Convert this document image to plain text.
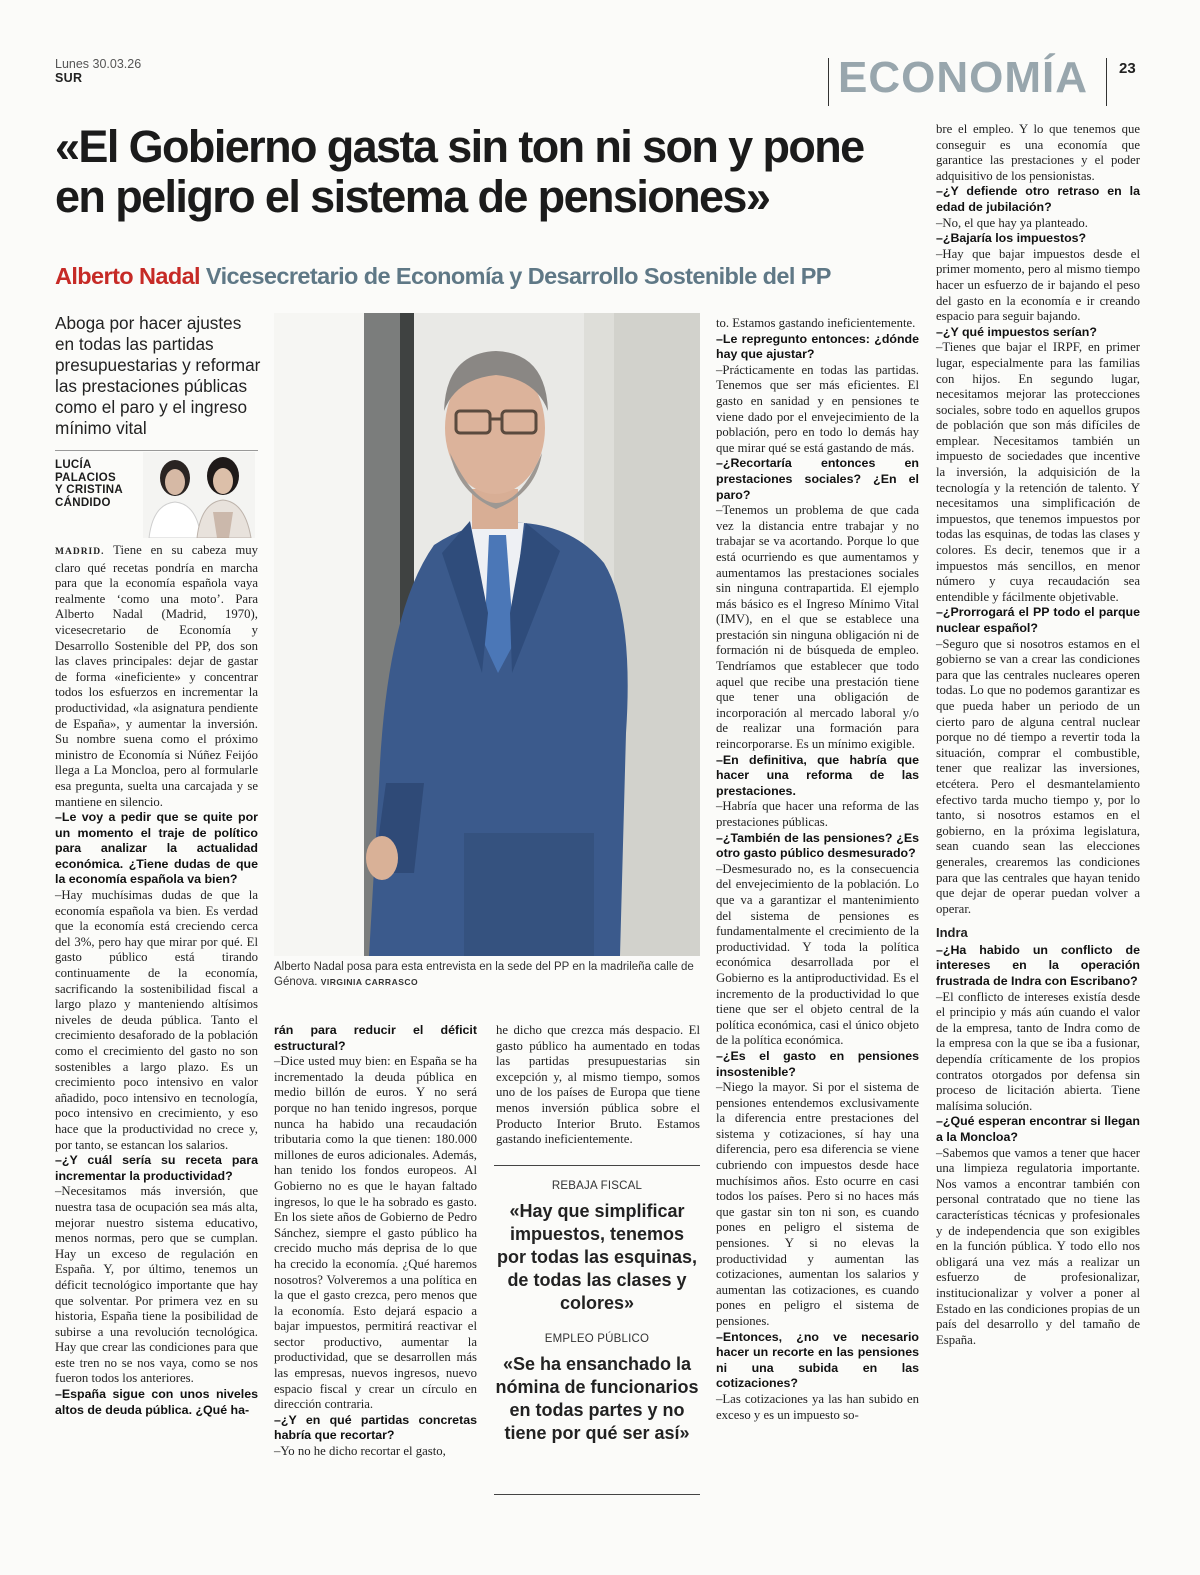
Lunes 30.03.26
SUR	ECONOMÍA 23
«El Gobierno gasta sin ton ni son y pone
en peligro el sistema de pensiones»
Alberto Nadal Vicesecretario de Economía y Desarrollo Sostenible del PP
Aboga por hacer ajustes en todas las partidas presupuestarias y reformar las prestaciones públicas como el paro y el ingreso mínimo vital
LUCÍA
PALACIOS
Y CRISTINA
CÁNDIDO

MADRID. Tiene en su cabeza muy claro qué recetas pondría en marcha para que la economía española vaya realmente ‘como una moto’. Para Alberto Nadal (Madrid, 1970), vicesecretario de Economía y Desarrollo Sostenible del PP, dos son las claves principales: dejar de gastar de forma «ineficiente» y concentrar todos los esfuerzos en incrementar la productividad, «la asignatura pendiente de España», y aumentar la inversión. Su nombre suena como el próximo ministro de Economía si Núñez Feijóo llega a La Moncloa, pero al formularle esa pregunta, suelta una carcajada y se mantiene en silencio.

–Le voy a pedir que se quite por un momento el traje de político para analizar la actualidad económica. ¿Tiene dudas de que la economía española va bien?

–Hay muchísimas dudas de que la economía española va bien. Es verdad que la economía está creciendo cerca del 3%, pero hay que mirar por qué. El gasto público está tirando continuamente de la economía, sacrificando la sostenibilidad fiscal a largo plazo y manteniendo altísimos niveles de deuda pública. Tanto el crecimiento desaforado de la población como el crecimiento del gasto no son sostenibles a largo plazo. Es un crecimiento poco intensivo en valor añadido, poco intensivo en tecnología, poco intensivo en crecimiento, y eso hace que la productividad no crece y, por tanto, se estancan los salarios.

–¿Y cuál sería su receta para incrementar la productividad?

–Necesitamos más inversión, que nuestra tasa de ocupación sea más alta, mejorar nuestro sistema educativo, menos normas, pero que se cumplan. Hay un exceso de regulación en España. Y, por último, tenemos un déficit tecnológico importante que hay que solventar. Por primera vez en su historia, España tiene la posibilidad de subirse a una revolución tecnológica. Hay que crear las condiciones para que este tren no se nos vaya, como se nos fueron todos los anteriores.

–España sigue con unos niveles altos de deuda pública. ¿Qué ha-

Alberto Nadal posa para esta entrevista en la sede del PP en la madrileña calle de Génova. VIRGINIA CARRASCO

rán para reducir el déficit estructural?

–Dice usted muy bien: en España se ha incrementado la deuda pública en medio billón de euros. Y no será porque no han tenido ingresos, porque nunca ha habido una recaudación tributaria como la que tienen: 180.000 millones de euros adicionales. Además, han tenido los fondos europeos. Al Gobierno no es que le hayan faltado ingresos, lo que le ha sobrado es gasto. En los siete años de Gobierno de Pedro Sánchez, siempre el gasto público ha crecido mucho más deprisa de lo que ha crecido la economía. ¿Qué haremos nosotros? Volveremos a una política en la que el gasto crezca, pero menos que la economía. Esto dejará espacio a bajar impuestos, permitirá reactivar el sector productivo, aumentar la productividad, que se desarrollen más las empresas, nuevos ingresos, nuevo espacio fiscal y crear un círculo en dirección contraria.

–¿Y en qué partidas concretas habría que recortar?

–Yo no he dicho recortar el gasto,

he dicho que crezca más despacio. El gasto público ha aumentado en todas las partidas presupuestarias sin excepción y, al mismo tiempo, somos uno de los países de Europa que tiene menos inversión pública sobre el Producto Interior Bruto. Estamos gastando ineficientemente.

REBAJA FISCAL
«Hay que simplificar impuestos, tenemos por todas las esquinas, de todas las clases y colores»
EMPLEO PÚBLICO
«Se ha ensanchado la nómina de funcionarios en todas partes y no tiene por qué ser así»

to. Estamos gastando ineficientemente.

–Le repregunto entonces: ¿dónde hay que ajustar?

–Prácticamente en todas las partidas. Tenemos que ser más eficientes. El gasto en sanidad y en pensiones te viene dado por el envejecimiento de la población, pero en todo lo demás hay que mirar qué se está gastando de más.

–¿Recortaría entonces en prestaciones sociales? ¿En el paro?

–Tenemos un problema de que cada vez la distancia entre trabajar y no trabajar se va acortando. Porque lo que está ocurriendo es que aumentamos y aumentamos las prestaciones sociales sin ninguna contrapartida. El ejemplo más básico es el Ingreso Mínimo Vital (IMV), en el que se establece una prestación sin ninguna obligación ni de formación ni de búsqueda de empleo. Tendríamos que establecer que todo aquel que recibe una prestación tiene que tener una obligación de incorporación al mercado laboral y/o de realizar una formación para reincorporarse. Es un mínimo exigible.

–En definitiva, que habría que hacer una reforma de las prestaciones.

–Habría que hacer una reforma de las prestaciones públicas.

–¿También de las pensiones? ¿Es otro gasto público desmesurado?

–Desmesurado no, es la consecuencia del envejecimiento de la población. Lo que va a garantizar el mantenimiento del sistema de pensiones es fundamentalmente el crecimiento de la productividad. Y toda la política económica desarrollada por el Gobierno es la antiproductividad. Es el incremento de la productividad lo que tiene que ser el objeto central de la política económica, casi el único objeto de la política económica.

–¿Es el gasto en pensiones insostenible?

–Niego la mayor. Si por el sistema de pensiones entendemos exclusivamente la diferencia entre prestaciones del sistema y cotizaciones, sí hay una diferencia, pero esa diferencia se viene cubriendo con impuestos desde hace muchísimos años. Esto ocurre en casi todos los países. Pero si no haces más que gastar sin ton ni son, es cuando pones en peligro el sistema de pensiones. Y si no elevas la productividad y aumentan las cotizaciones, aumentan los salarios y aumentan las cotizaciones, es cuando pones en peligro el sistema de pensiones.

–Entonces, ¿no ve necesario hacer un recorte en las pensiones ni una subida en las cotizaciones?

–Las cotizaciones ya las han subido en exceso y es un impuesto so-

bre el empleo. Y lo que tenemos que conseguir es una economía que garantice las prestaciones y el poder adquisitivo de los pensionistas.

–¿Y defiende otro retraso en la edad de jubilación?

–No, el que hay ya planteado.

–¿Bajaría los impuestos?

–Hay que bajar impuestos desde el primer momento, pero al mismo tiempo hacer un esfuerzo de ir bajando el peso del gasto en la economía e ir creando espacio para seguir bajando.

–¿Y qué impuestos serían?

–Tienes que bajar el IRPF, en primer lugar, especialmente para las familias con hijos. En segundo lugar, necesitamos mejorar las protecciones sociales, sobre todo en aquellos grupos de población que son más difíciles de emplear. Necesitamos también un impuesto de sociedades que incentive la inversión, la adquisición de la tecnología y la retención de talento. Y necesitamos una simplificación de impuestos, que tenemos impuestos por todas las esquinas, de todas las clases y colores. Es decir, tenemos que ir a impuestos más sencillos, en menor número y cuya recaudación sea entendible y fácilmente objetivable.

–¿Prorrogará el PP todo el parque nuclear español?

–Seguro que si nosotros estamos en el gobierno se van a crear las condiciones para que las centrales nucleares operen todas. Lo que no podemos garantizar es que pueda haber un periodo de un cierto paro de alguna central nuclear porque no dé tiempo a revertir toda la situación, comprar el combustible, tener que realizar las inversiones, etcétera. Pero el desmantelamiento efectivo tarda mucho tiempo y, por lo tanto, si nosotros estamos en el gobierno, en la próxima legislatura, sean cuando sean las elecciones generales, crearemos las condiciones para que las centrales que hayan tenido que dejar de operar puedan volver a operar.

Indra

–¿Ha habido un conflicto de intereses en la operación frustrada de Indra con Escribano?

–El conflicto de intereses existía desde el principio y más aún cuando el valor de la empresa, tanto de Indra como de la empresa con la que se iba a fusionar, dependía críticamente de los propios contratos otorgados por defensa sin proceso de licitación abierta. Tiene malísima solución.

–¿Qué esperan encontrar si llegan a la Moncloa?

–Sabemos que vamos a tener que hacer una limpieza regulatoria importante. Nos vamos a encontrar también con personal contratado que no tiene las características técnicas y profesionales y de independencia que son exigibles en la función pública. Y todo ello nos obligará una vez más a realizar un esfuerzo de profesionalizar, institucionalizar y volver a poner al Estado en las condiciones propias de un país del desarrollo y del tamaño de España.
